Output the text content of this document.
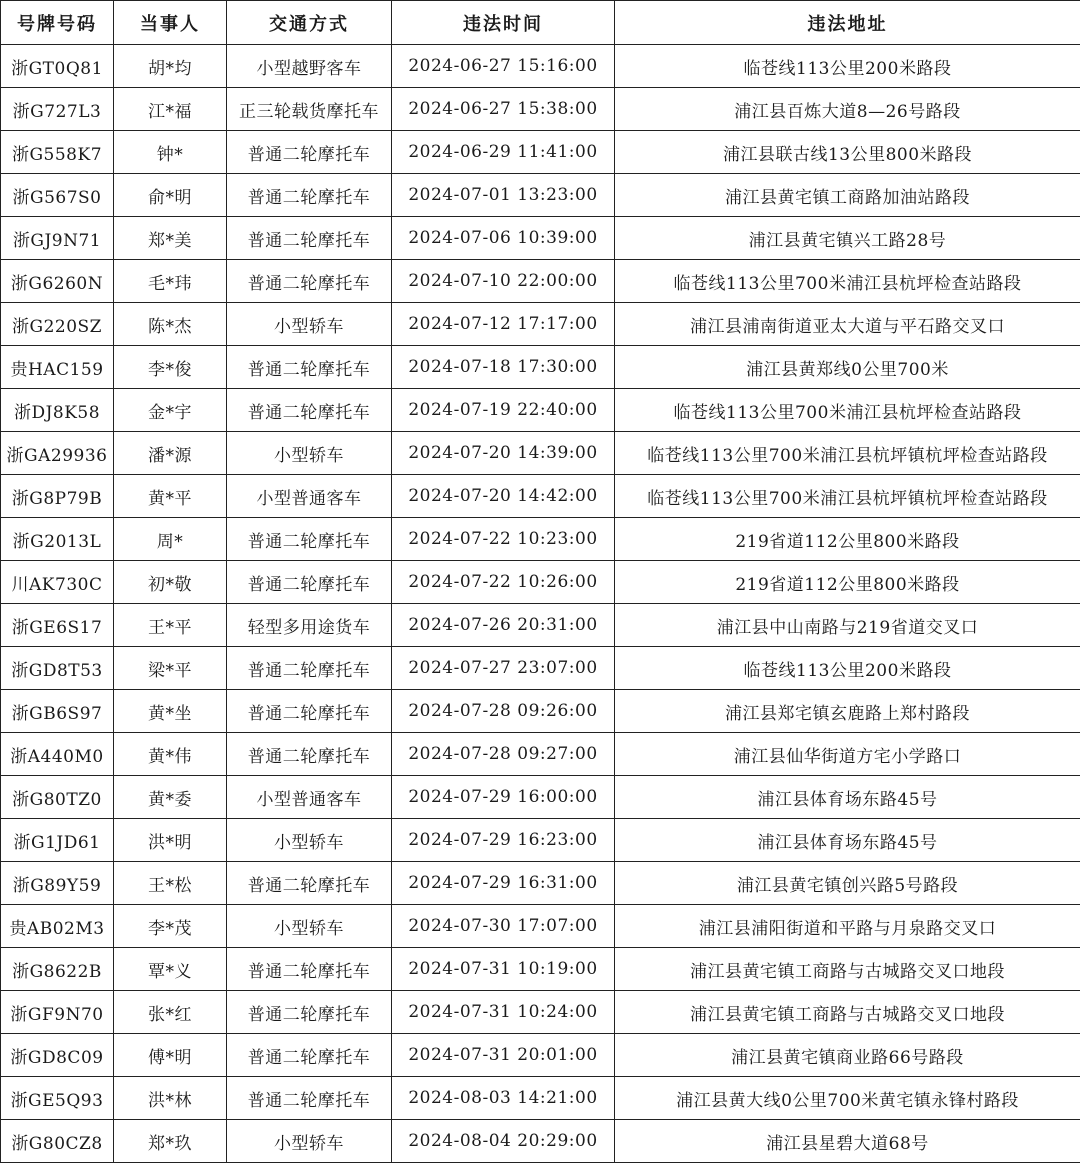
号牌号码	当事人	交通方式	违法时间	违法地址
浙GT0Q81	胡*均	小型越野客车	2024-06-27 15:16:00	临苍线113公里200米路段
浙G727L3	江*福	正三轮载货摩托车	2024-06-27 15:38:00	浦江县百炼大道8—26号路段
浙G558K7	钟*	普通二轮摩托车	2024-06-29 11:41:00	浦江县联古线13公里800米路段
浙G567S0	俞*明	普通二轮摩托车	2024-07-01 13:23:00	浦江县黄宅镇工商路加油站路段
浙GJ9N71	郑*美	普通二轮摩托车	2024-07-06 10:39:00	浦江县黄宅镇兴工路28号
浙G6260N	毛*玮	普通二轮摩托车	2024-07-10 22:00:00	临苍线113公里700米浦江县杭坪检查站路段
浙G220SZ	陈*杰	小型轿车	2024-07-12 17:17:00	浦江县浦南街道亚太大道与平石路交叉口
贵HAC159	李*俊	普通二轮摩托车	2024-07-18 17:30:00	浦江县黄郑线0公里700米
浙DJ8K58	金*宇	普通二轮摩托车	2024-07-19 22:40:00	临苍线113公里700米浦江县杭坪检查站路段
浙GA29936	潘*源	小型轿车	2024-07-20 14:39:00	临苍线113公里700米浦江县杭坪镇杭坪检查站路段
浙G8P79B	黄*平	小型普通客车	2024-07-20 14:42:00	临苍线113公里700米浦江县杭坪镇杭坪检查站路段
浙G2013L	周*	普通二轮摩托车	2024-07-22 10:23:00	219省道112公里800米路段
川AK730C	初*敬	普通二轮摩托车	2024-07-22 10:26:00	219省道112公里800米路段
浙GE6S17	王*平	轻型多用途货车	2024-07-26 20:31:00	浦江县中山南路与219省道交叉口
浙GD8T53	梁*平	普通二轮摩托车	2024-07-27 23:07:00	临苍线113公里200米路段
浙GB6S97	黄*坐	普通二轮摩托车	2024-07-28 09:26:00	浦江县郑宅镇玄鹿路上郑村路段
浙A440M0	黄*伟	普通二轮摩托车	2024-07-28 09:27:00	浦江县仙华街道方宅小学路口
浙G80TZ0	黄*委	小型普通客车	2024-07-29 16:00:00	浦江县体育场东路45号
浙G1JD61	洪*明	小型轿车	2024-07-29 16:23:00	浦江县体育场东路45号
浙G89Y59	王*松	普通二轮摩托车	2024-07-29 16:31:00	浦江县黄宅镇创兴路5号路段
贵AB02M3	李*茂	小型轿车	2024-07-30 17:07:00	浦江县浦阳街道和平路与月泉路交叉口
浙G8622B	覃*义	普通二轮摩托车	2024-07-31 10:19:00	浦江县黄宅镇工商路与古城路交叉口地段
浙GF9N70	张*红	普通二轮摩托车	2024-07-31 10:24:00	浦江县黄宅镇工商路与古城路交叉口地段
浙GD8C09	傅*明	普通二轮摩托车	2024-07-31 20:01:00	浦江县黄宅镇商业路66号路段
浙GE5Q93	洪*林	普通二轮摩托车	2024-08-03 14:21:00	浦江县黄大线0公里700米黄宅镇永锋村路段
浙G80CZ8	郑*玖	小型轿车	2024-08-04 20:29:00	浦江县星碧大道68号
